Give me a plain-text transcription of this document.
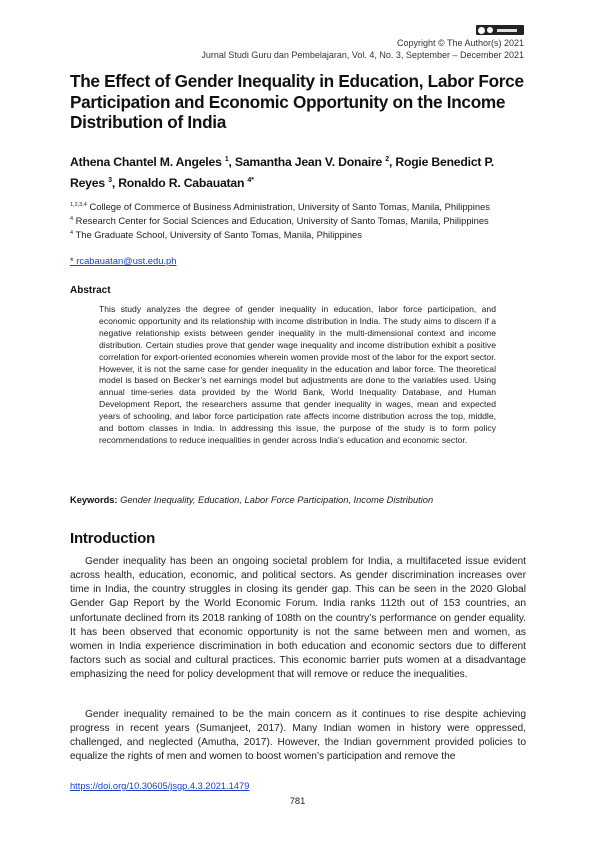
Copyright © The Author(s) 2021
Jurnal Studi Guru dan Pembelajaran, Vol. 4, No. 3, September – December 2021
The Effect of Gender Inequality in Education, Labor Force Participation and Economic Opportunity on the Income Distribution of India
Athena Chantel M. Angeles $^1$, Samantha Jean V. Donaire $^2$, Rogie Benedict P. Reyes $^3$, Ronaldo R. Cabauatan $^{4*}$
$^{1,2,3,4}$ College of Commerce of Business Administration, University of Santo Tomas, Manila, Philippines
$^4$ Research Center for Social Sciences and Education, University of Santo Tomas, Manila, Philippines
$^4$ The Graduate School, University of Santo Tomas, Manila, Philippines
* rcabauatan@ust.edu.ph
Abstract
This study analyzes the degree of gender inequality in education, labor force participation, and economic opportunity and its relationship with income distribution in India. The study aims to discern if a negative relationship exists between gender inequality in the multi-dimensional context and income distribution. Certain studies prove that gender wage inequality and income distribution exhibit a positive correlation for export-oriented economies wherein women provide most of the labor for the export sector. However, it is not the same case for gender inequality in the education and labor force. The theoretical model is based on Becker’s net earnings model but adjustments are done to the variables used. Using annual time-series data provided by the World Bank, World Inequality Database, and Human Development Report, the researchers assume that gender inequality in wages, mean and expected years of schooling, and labor force participation rate affects income distribution across the top, middle, and bottom classes in India. In addressing this issue, the purpose of the study is to form policy recommendations to reduce inequalities in gender across India’s education and economic sector.
Keywords: Gender Inequality, Education, Labor Force Participation, Income Distribution
Introduction
Gender inequality has been an ongoing societal problem for India, a multifaceted issue evident across health, education, economic, and political sectors. As gender discrimination increases over time in India, the country struggles in closing its gender gap. This can be seen in the 2020 Global Gender Gap Report by the World Economic Forum. India ranks 112th out of 153 countries, an unfortunate declined from its 2018 ranking of 108th on the country’s performance on gender equality. It has been observed that economic opportunity is not the same between men and women, as women in India experience discrimination in both education and economic sectors due to different factors such as social and cultural practices. This economic barrier puts women at a disadvantage emphasizing the need for policy development that will remove or reduce the inequalities.
Gender inequality remained to be the main concern as it continues to rise despite achieving progress in recent years (Sumanjeet, 2017). Many Indian women in history were oppressed, challenged, and neglected (Amutha, 2017). However, the Indian government provided policies to equalize the rights of men and women to boost women’s participation and remove the
https://doi.org/10.30605/jsgp.4.3.2021.1479
781
